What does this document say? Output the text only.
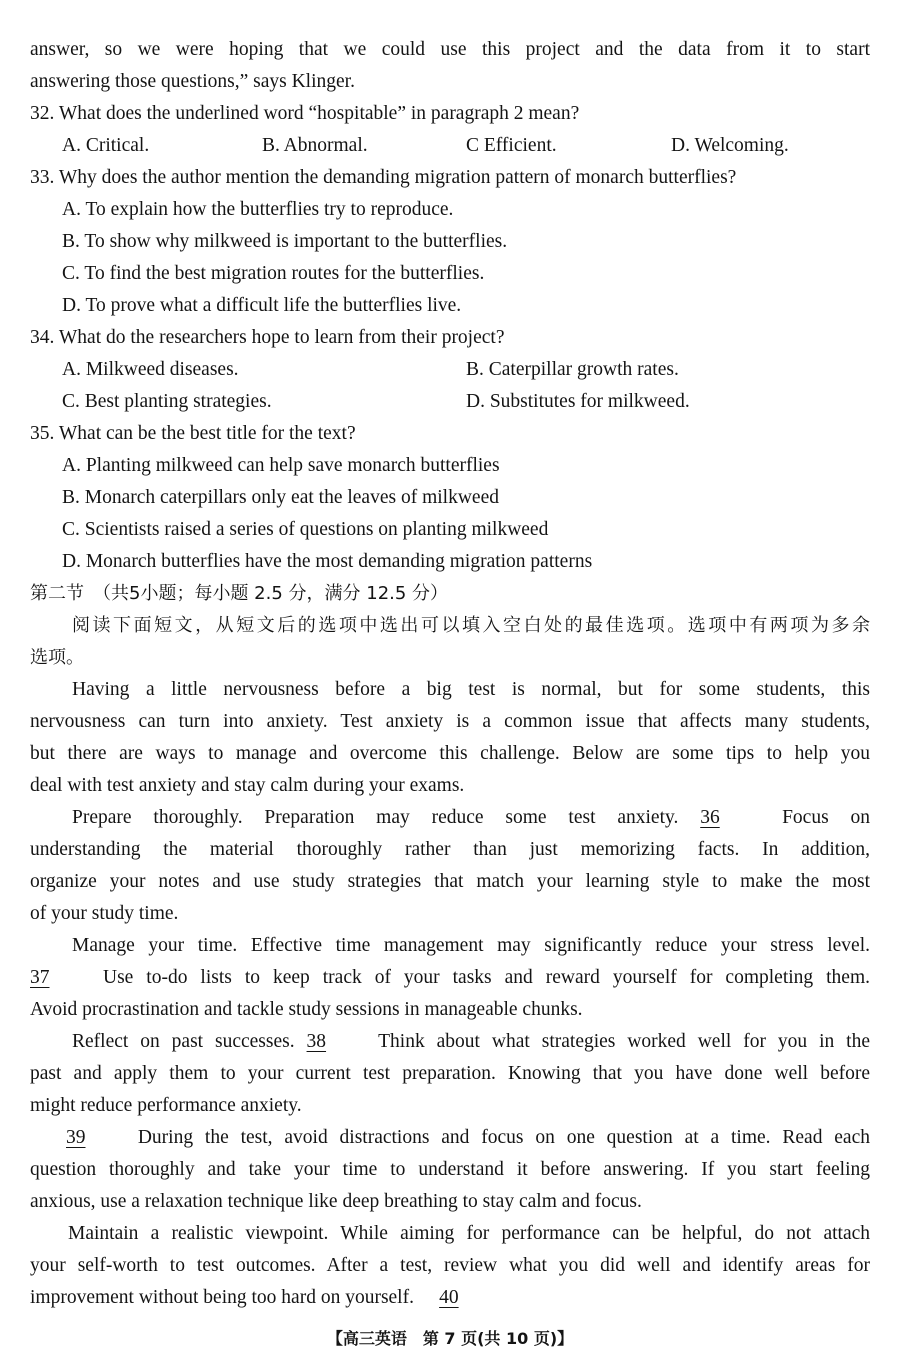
answer, so we were hoping that we could use this project and the data from it to start
answering those questions,” says Klinger.
32. What does the underlined word “hospitable” in paragraph 2 mean?
A. Critical.	B. Abnormal.	C Efficient.	D. Welcoming.
33. Why does the author mention the demanding migration pattern of monarch butterflies?
A. To explain how the butterflies try to reproduce.
B. To show why milkweed is important to the butterflies.
C. To find the best migration routes for the butterflies.
D. To prove what a difficult life the butterflies live.
34. What do the researchers hope to learn from their project?
A. Milkweed diseases.	B. Caterpillar growth rates.
C. Best planting strategies.	D. Substitutes for milkweed.
35. What can be the best title for the text?
A. Planting milkweed can help save monarch butterflies
B. Monarch caterpillars only eat the leaves of milkweed
C. Scientists raised a series of questions on planting milkweed
D. Monarch butterflies have the most demanding migration patterns
第二节　（共5小题；每小题 2.5 分，满分 12.5 分）
阅读下面短文，从短文后的选项中选出可以填入空白处的最佳选项。选项中有两项为多余
选项。
Having a little nervousness before a big test is normal, but for some students, this
nervousness can turn into anxiety. Test anxiety is a common issue that affects many students,
but there are ways to manage and overcome this challenge. Below are some tips to help you
deal with test anxiety and stay calm during your exams.
Prepare thoroughly. Preparation may reduce some test anxiety. 36	Focus on
understanding the material thoroughly rather than just memorizing facts. In addition,
organize your notes and use study strategies that match your learning style to make the most
of your study time.
Manage your time. Effective time management may significantly reduce your stress level.
37	Use to-do lists to keep track of your tasks and reward yourself for completing them.
Avoid procrastination and tackle study sessions in manageable chunks.
Reflect on past successes. 38	Think about what strategies worked well for you in the
past and apply them to your current test preparation. Knowing that you have done well before
might reduce performance anxiety.
39	During the test, avoid distractions and focus on one question at a time. Read each
question thoroughly and take your time to understand it before answering. If you start feeling
anxious, use a relaxation technique like deep breathing to stay calm and focus.
Maintain a realistic viewpoint. While aiming for performance can be helpful, do not attach
your self-worth to test outcomes. After a test, review what you did well and identify areas for
improvement without being too hard on yourself. 40
【高三英语　第 7 页(共 10 页)】
